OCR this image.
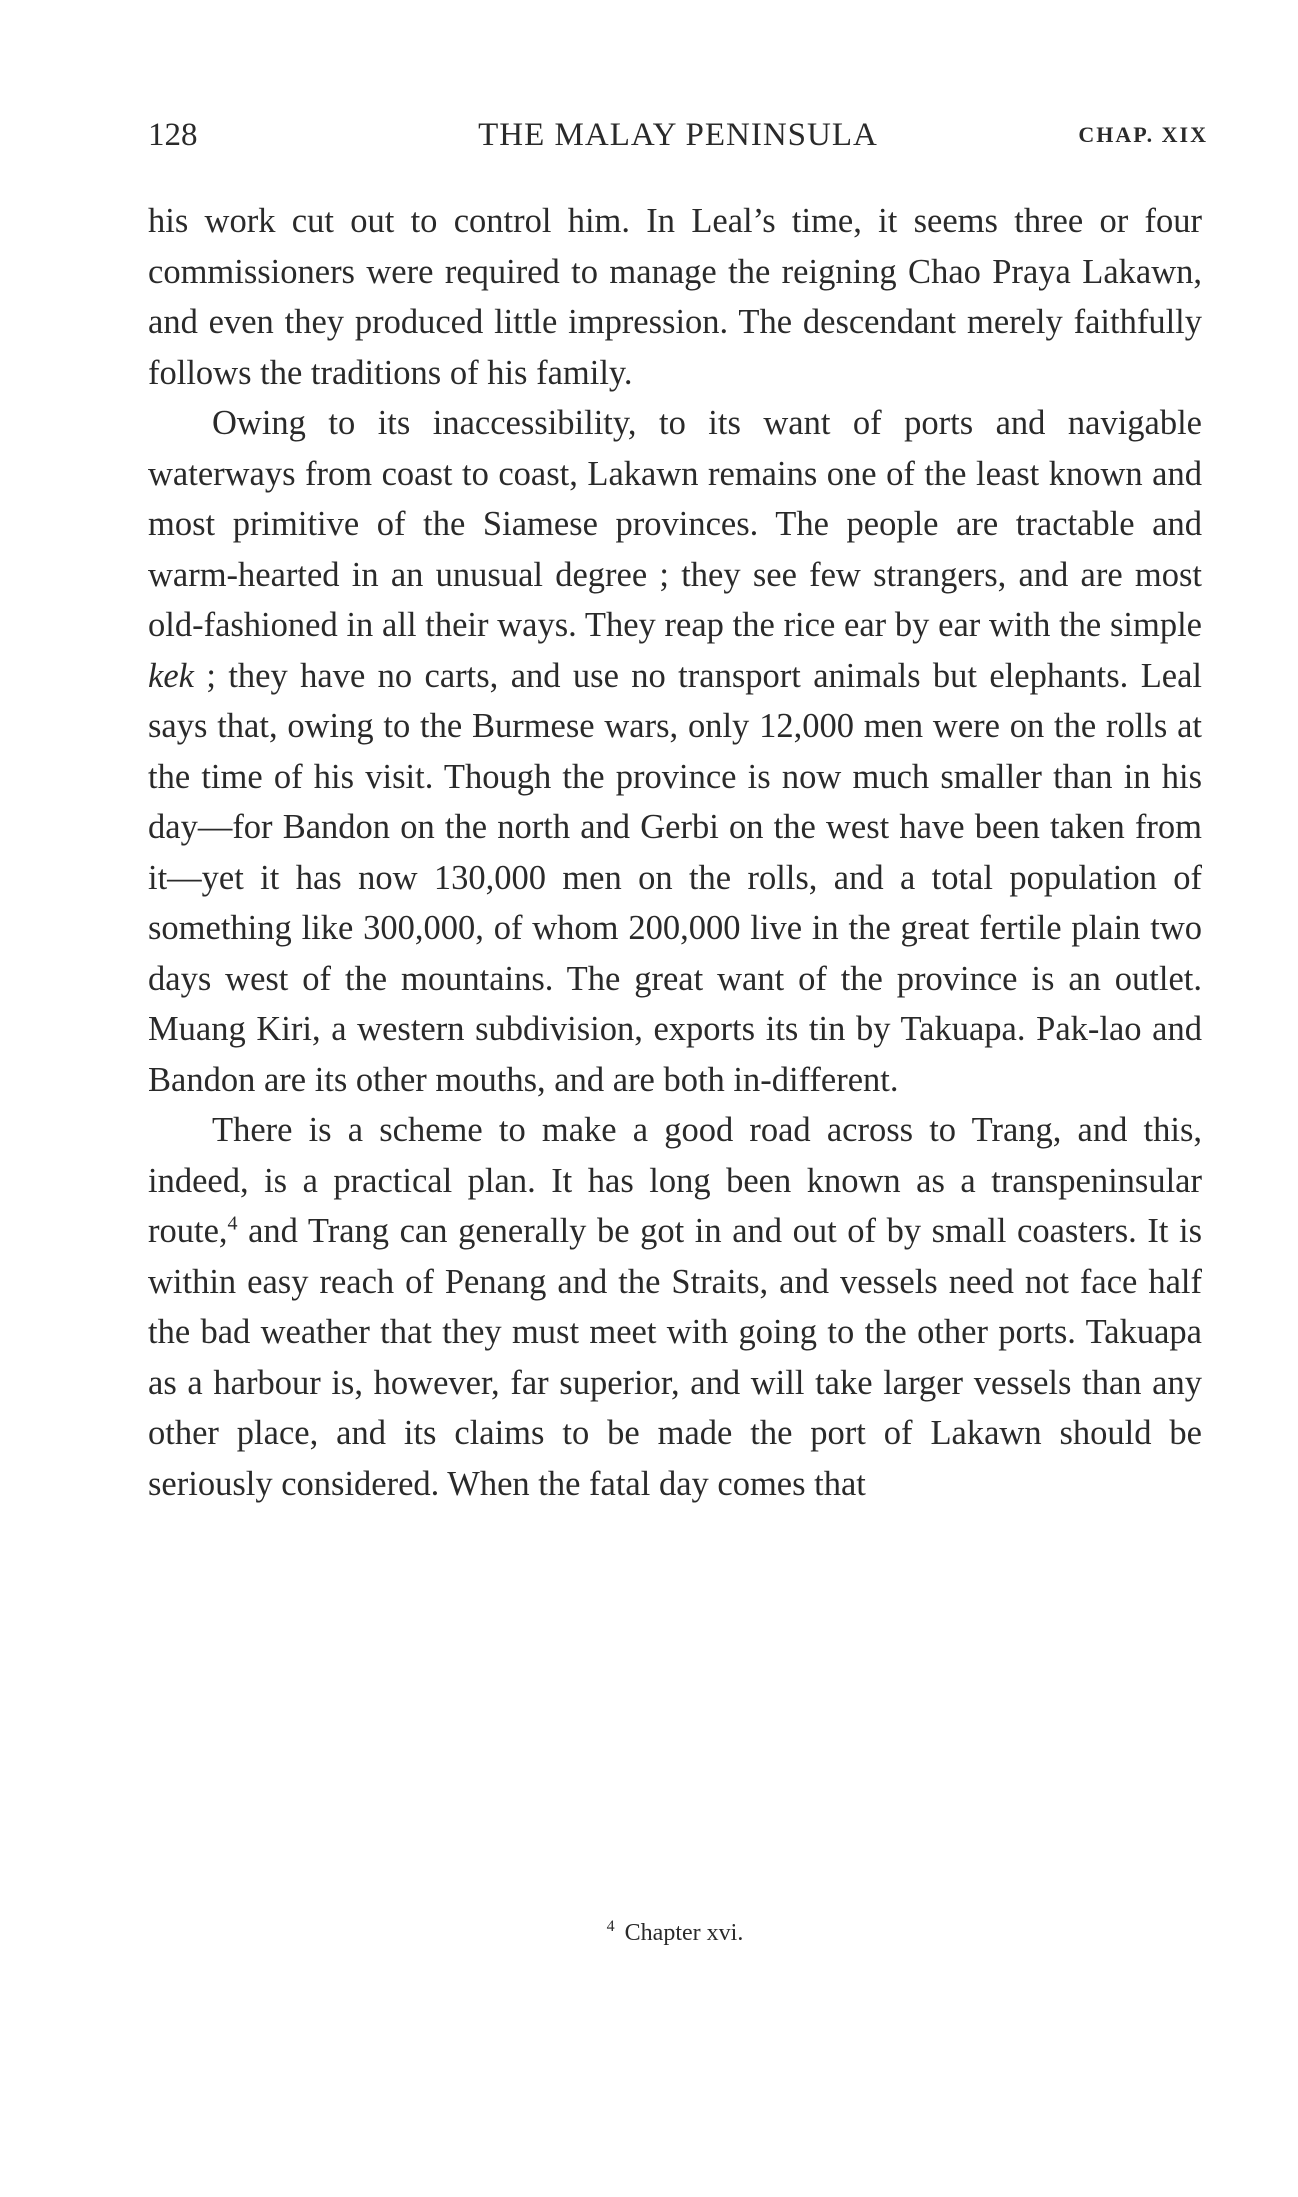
128	THE MALAY PENINSULA	CHAP. XIX

his work cut out to control him. In Leal’s time, it seems three or four commissioners were required to manage the reigning Chao Praya Lakawn, and even they produced little impression. The descendant merely faithfully follows the traditions of his family.

Owing to its inaccessibility, to its want of ports and navigable waterways from coast to coast, Lakawn remains one of the least known and most primitive of the Siamese provinces. The people are tractable and warm-hearted in an unusual degree ; they see few strangers, and are most old-fashioned in all their ways. They reap the rice ear by ear with the simple kek ; they have no carts, and use no transport animals but elephants. Leal says that, owing to the Burmese wars, only 12,000 men were on the rolls at the time of his visit. Though the province is now much smaller than in his day—for Bandon on the north and Gerbi on the west have been taken from it—yet it has now 130,000 men on the rolls, and a total population of something like 300,000, of whom 200,000 live in the great fertile plain two days west of the mountains. The great want of the province is an outlet. Muang Kiri, a western subdivision, exports its tin by Takuapa. Pak-lao and Bandon are its other mouths, and are both in-different.

There is a scheme to make a good road across to Trang, and this, indeed, is a practical plan. It has long been known as a transpeninsular route,$^4$ and Trang can generally be got in and out of by small coasters. It is within easy reach of Penang and the Straits, and vessels need not face half the bad weather that they must meet with going to the other ports. Takuapa as a harbour is, however, far superior, and will take larger vessels than any other place, and its claims to be made the port of Lakawn should be seriously considered. When the fatal day comes that

$^4$ Chapter xvi.
